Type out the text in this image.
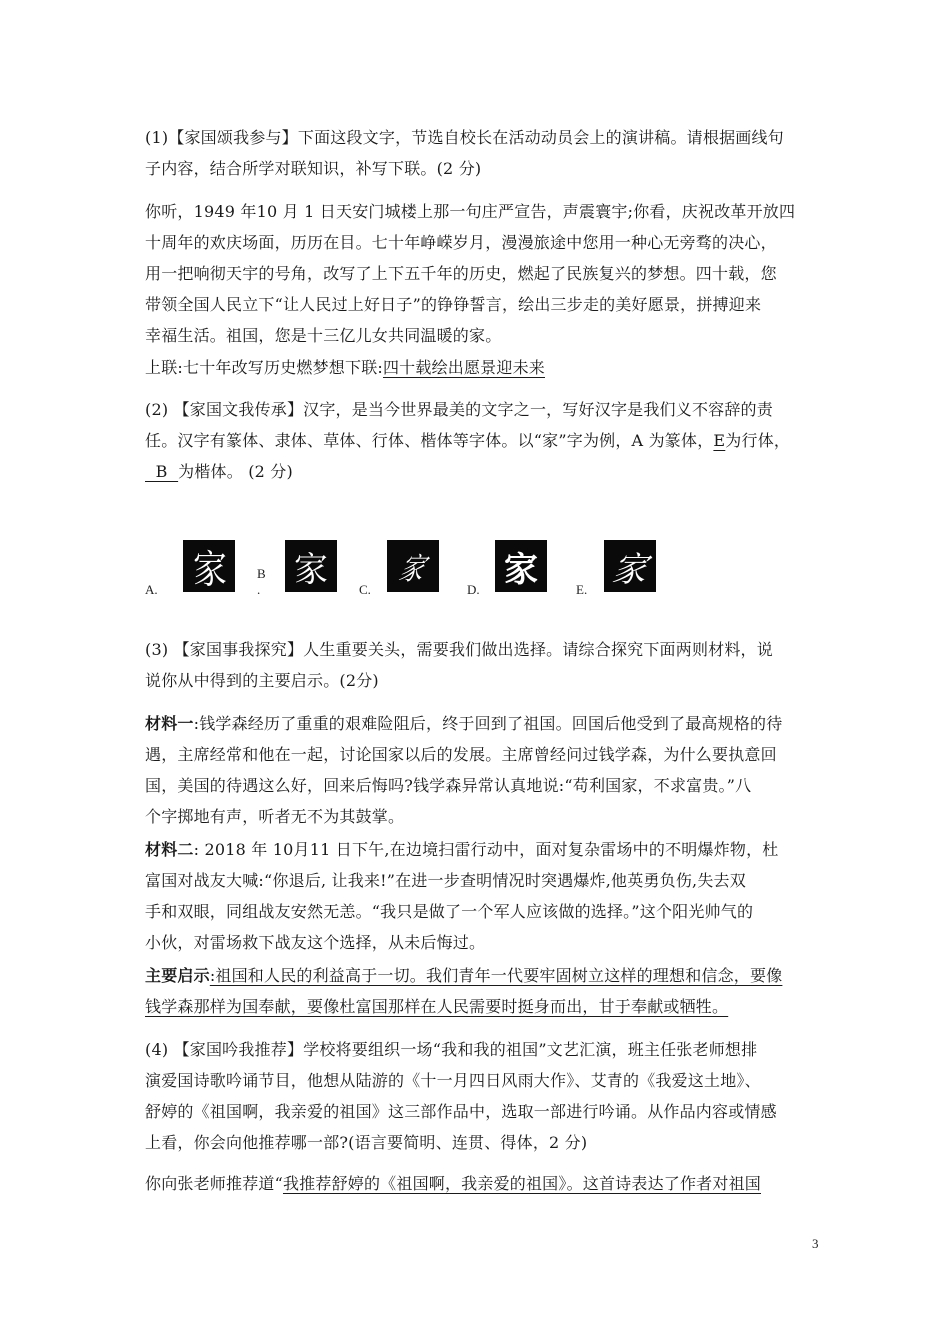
(1)【家国颂我参与】下面这段文字，节选自校长在活动动员会上的演讲稿。请根据画线句
子内容，结合所学对联知识，补写下联。(2 分)
你听，1949 年10 月 1 日天安门城楼上那一句庄严宣告，声震寰宇;你看，庆祝改革开放四
十周年的欢庆场面，历历在目。七十年峥嵘岁月，漫漫旅途中您用一种心无旁骛的决心，
用一把响彻天宇的号角，改写了上下五千年的历史，燃起了民族复兴的梦想。四十载，您
带领全国人民立下“让人民过上好日子”的铮铮誓言，绘出三步走的美好愿景，拼搏迎来
幸福生活。祖国，您是十三亿儿女共同温暖的家。
上联:七十年改写历史燃梦想下联:四十载绘出愿景迎未来
(2) 【家国文我传承】汉字，是当今世界最美的文字之一，写好汉字是我们义不容辞的责
任。汉字有篆体、隶体、草体、行体、楷体等字体。以“家”字为例，A 为篆体，E为行体，
B  为楷体。 (2 分)
A. 家 B . 家 C.
家
D. 家	E. 家
(3) 【家国事我探究】人生重要关头，需要我们做出选择。请综合探究下面两则材料，说
说你从中得到的主要启示。(2分)
材料一:钱学森经历了重重的艰难险阻后，终于回到了祖国。回国后他受到了最高规格的待
遇，主席经常和他在一起，讨论国家以后的发展。主席曾经问过钱学森，为什么要执意回
国，美国的待遇这么好，回来后悔吗?钱学森异常认真地说:“苟利国家，不求富贵。”八
个字掷地有声，听者无不为其鼓掌。
材料二: 2018 年 10月11 日下午,在边境扫雷行动中，面对复杂雷场中的不明爆炸物，杜
富国对战友大喊:“你退后, 让我来!”在进一步查明情况时突遇爆炸,他英勇负伤,失去双
手和双眼，同组战友安然无恙。“我只是做了一个军人应该做的选择。”这个阳光帅气的
小伙，对雷场救下战友这个选择，从未后悔过。
主要启示:祖国和人民的利益高于一切。我们青年一代要牢固树立这样的理想和信念，要像
钱学森那样为国奉献，要像杜富国那样在人民需要时挺身而出，甘于奉献或牺牲。
(4) 【家国吟我推荐】学校将要组织一场“我和我的祖国”文艺汇演，班主任张老师想排
演爱国诗歌吟诵节目，他想从陆游的《十一月四日风雨大作》、艾青的《我爱这土地》、
舒婷的《祖国啊，我亲爱的祖国》这三部作品中，选取一部进行吟诵。从作品内容或情感
上看，你会向他推荐哪一部?(语言要简明、连贯、得体，2 分)
你向张老师推荐道“我推荐舒婷的《祖国啊，我亲爱的祖国》。这首诗表达了作者对祖国
3
